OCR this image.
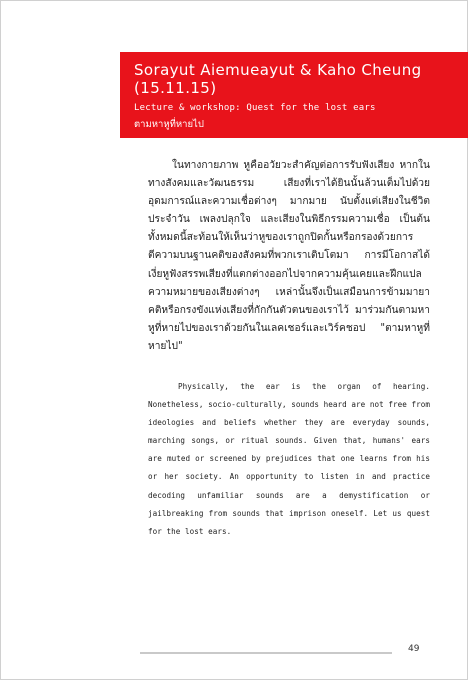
Sorayut Aiemueayut & Kaho Cheung (15.11.15)
Lecture & workshop: Quest for the lost ears
ตามหาหูที่หายไป

ในทางกายภาพ หูคืออวัยวะสำคัญต่อการรับฟังเสียง หากในทางสังคมและวัฒนธรรม เสียงที่เราได้ยินนั้นล้วนเต็มไปด้วยอุดมการณ์และความเชื่อต่างๆ มากมาย นับตั้งแต่เสียงในชีวิตประจำวัน เพลงปลุกใจ และเสียงในพิธีกรรมความเชื่อ เป็นต้น ทั้งหมดนี้สะท้อนให้เห็นว่าหูของเราถูกปิดกั้นหรือกรองด้วยการตีความบนฐานคติของสังคมที่พวกเราเติบโตมา การมีโอกาสได้เงี่ยหูฟังสรรพเสียงที่แตกต่างออกไปจากความคุ้นเคยและฝึกแปลความหมายของเสียงต่างๆ เหล่านั้นจึงเป็นเสมือนการข้ามมายาคติหรือกรงขังแห่งเสียงที่กักกันตัวตนของเราไว้ มาร่วมกันตามหาหูที่หายไปของเราด้วยกันในเลคเชอร์และเวิร์คชอป "ตามหาหูที่หายไป"

Physically, the ear is the organ of hearing. Nonetheless, socio-culturally, sounds heard are not free from ideologies and beliefs whether they are everyday sounds, marching songs, or ritual sounds. Given that, humans' ears are muted or screened by prejudices that one learns from his or her society. An opportunity to listen in and practice decoding unfamiliar sounds are a demystification or jailbreaking from sounds that imprison oneself. Let us quest for the lost ears.

49
